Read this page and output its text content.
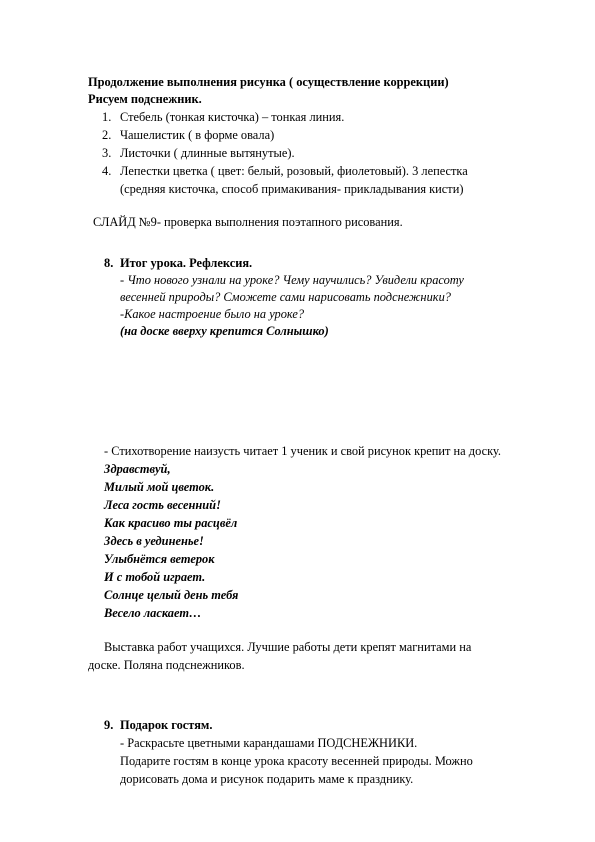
Продолжение выполнения рисунка ( осуществление коррекции)
Рисуем подснежник.
1. Стебель (тонкая кисточка) – тонкая линия.
2. Чашелистик ( в форме овала)
3. Листочки ( длинные вытянутые).
4. Лепестки цветка ( цвет: белый, розовый, фиолетовый). 3 лепестка
(средняя кисточка, способ примакивания- прикладывания кисти)
СЛАЙД №9- проверка выполнения поэтапного рисования.
8. Итог урока. Рефлексия.
- Что нового узнали на уроке? Чему научились? Увидели красоту
весенней природы? Сможете сами нарисовать подснежники?
-Какое настроение было на уроке?
(на доске вверху крепится Солнышко)
- Стихотворение наизусть читает 1 ученик и свой рисунок крепит на доску.
Здравствуй,
Милый мой цветок.
Леса гость весенний!
Как красиво ты расцвёл
Здесь в уединенье!
Улыбнётся ветерок
И с тобой играет.
Солнце целый день тебя
Весело ласкает…
Выставка работ учащихся. Лучшие работы дети крепят магнитами на
доске. Поляна подснежников.
9. Подарок гостям.
- Раскрасьте цветными карандашами ПОДСНЕЖНИКИ.
Подарите гостям в конце урока красоту весенней природы. Можно
дорисовать дома и рисунок подарить маме к празднику.
